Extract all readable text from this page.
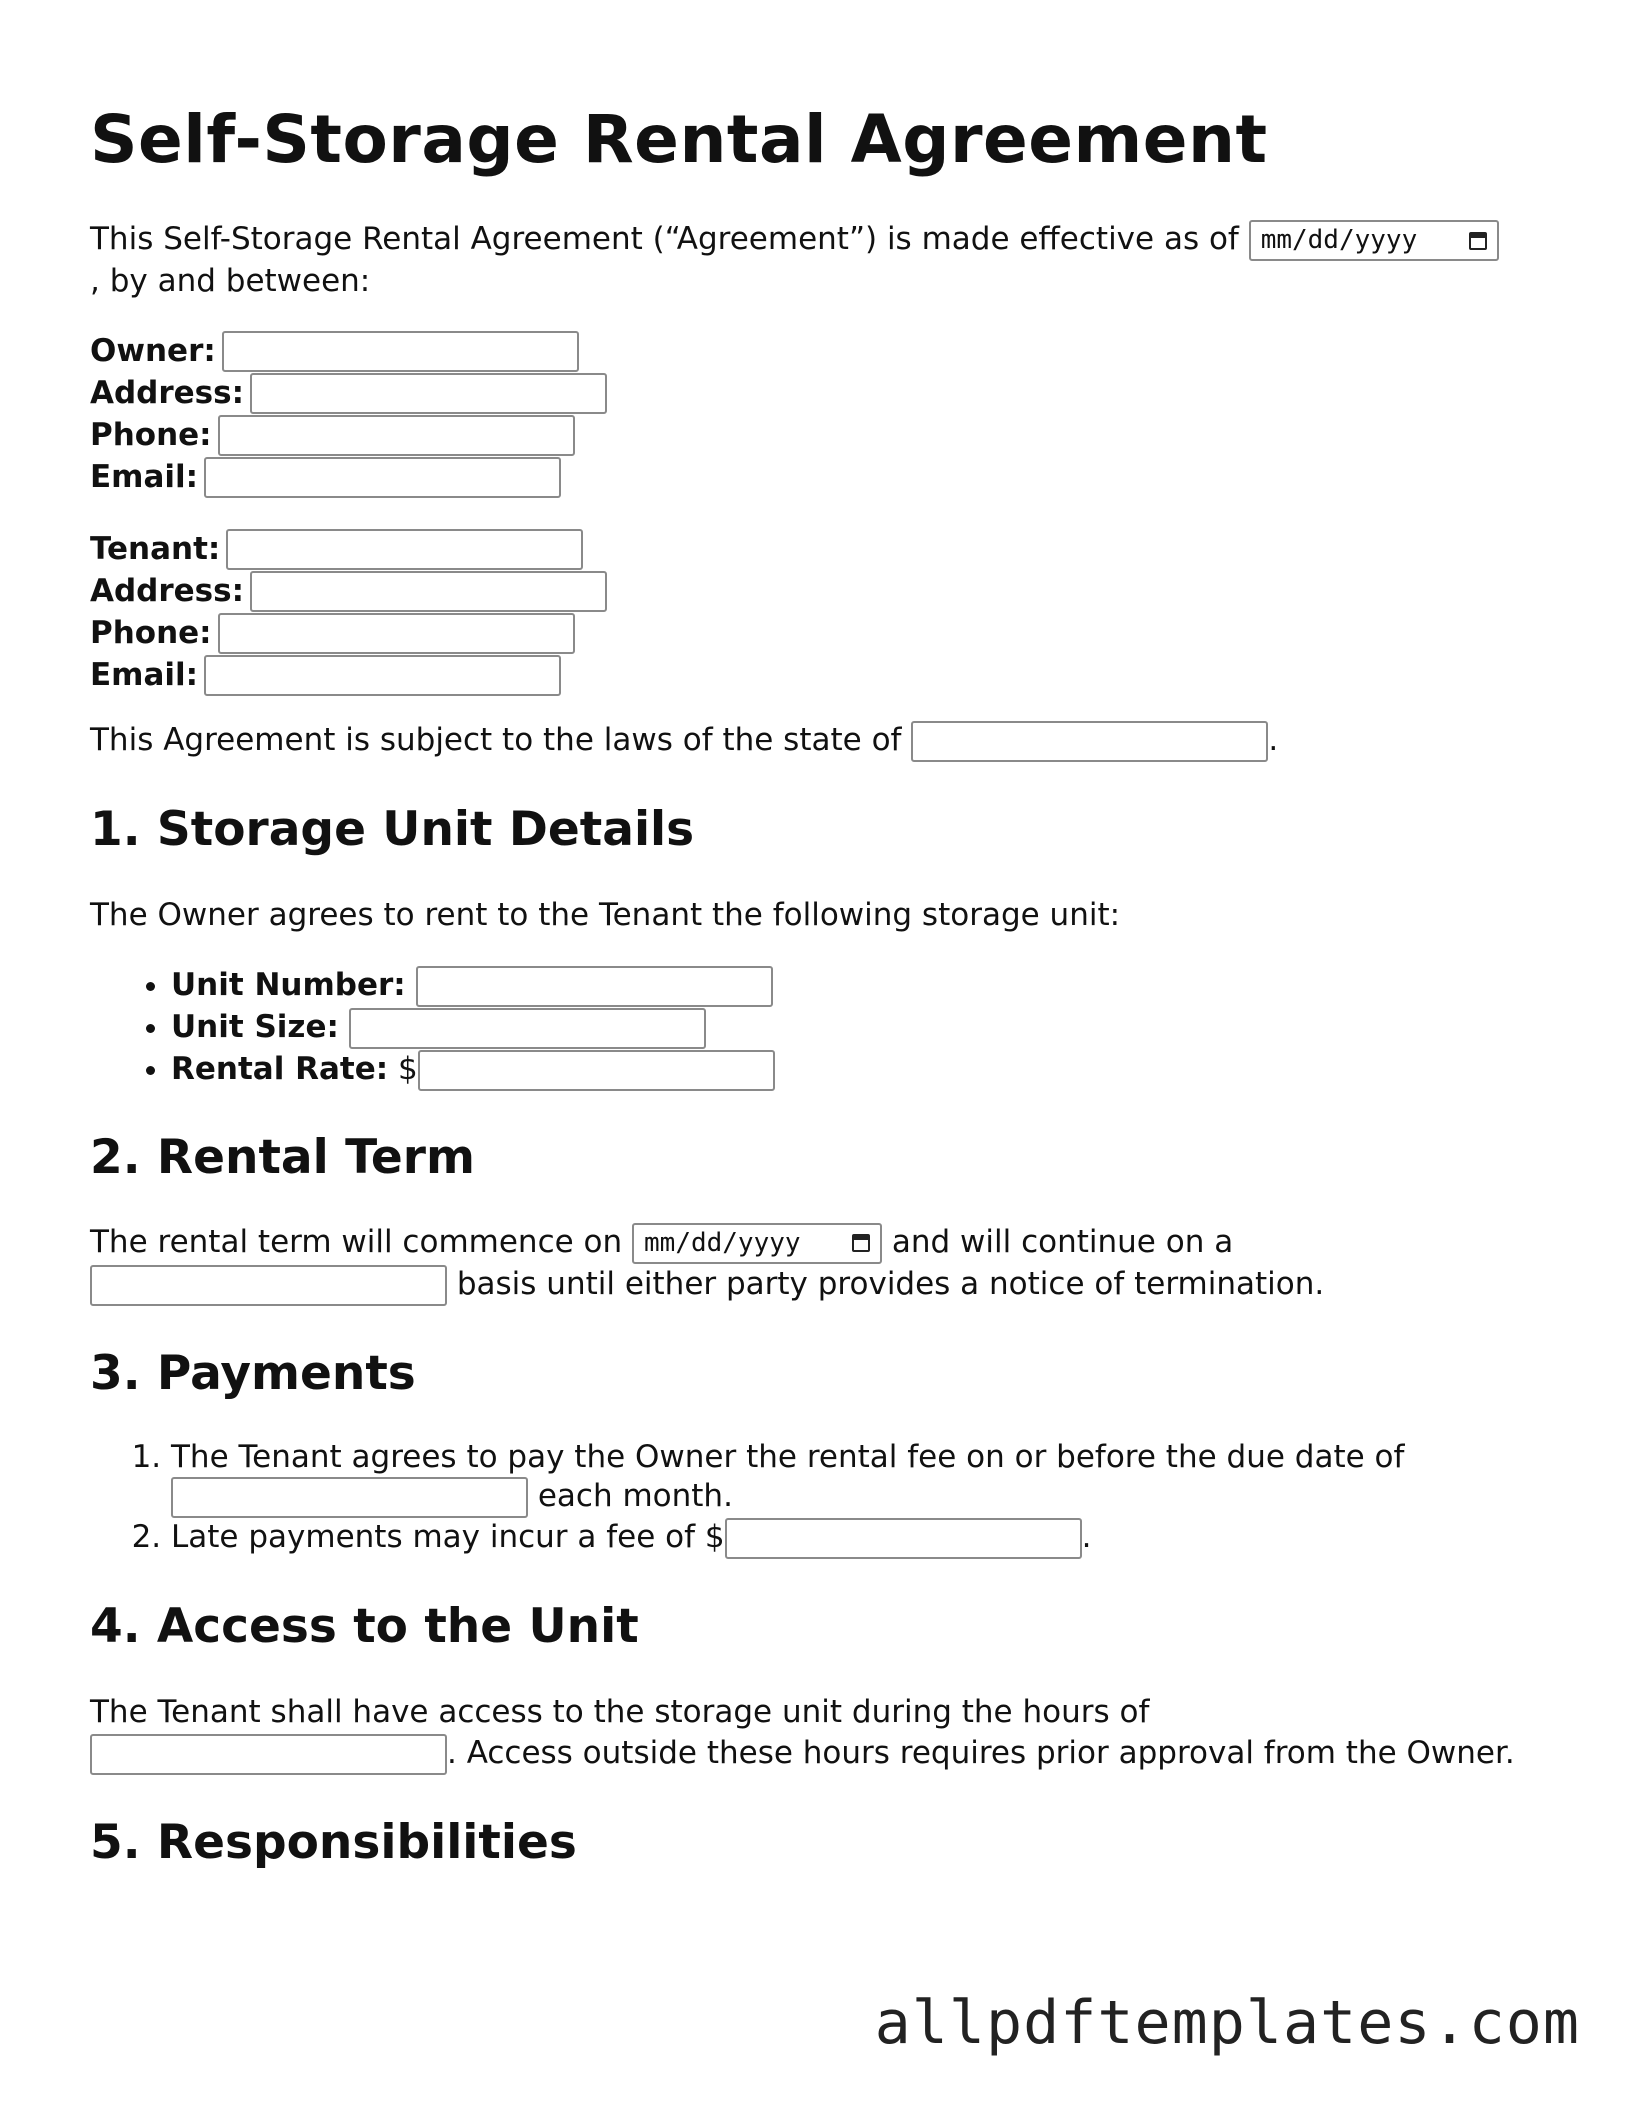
Self-Storage Rental Agreement

This Self-Storage Rental Agreement (“Agreement”) is made effective as of mm/dd/yyyy

, by and between:

Owner:
Address:
Phone:
Email:
Tenant:
Address:
Phone:
Email:

This Agreement is subject to the laws of the state of	.

1. Storage Unit Details

The Owner agrees to rent to the Tenant the following storage unit:

• Unit Number:
• Unit Size:
• Rental Rate: $
2. Rental Term

The rental term will commence on mm/dd/yyyy	and will continue on a
basis until either party provides a notice of termination.

3. Payments
1. The Tenant agrees to pay the Owner the rental fee on or before the due date of
each month.
2. Late payments may incur a fee of $	.
4. Access to the Unit

The Tenant shall have access to the storage unit during the hours of
. Access outside these hours requires prior approval from the Owner.

5. Responsibilities
allpdftemplates.com
